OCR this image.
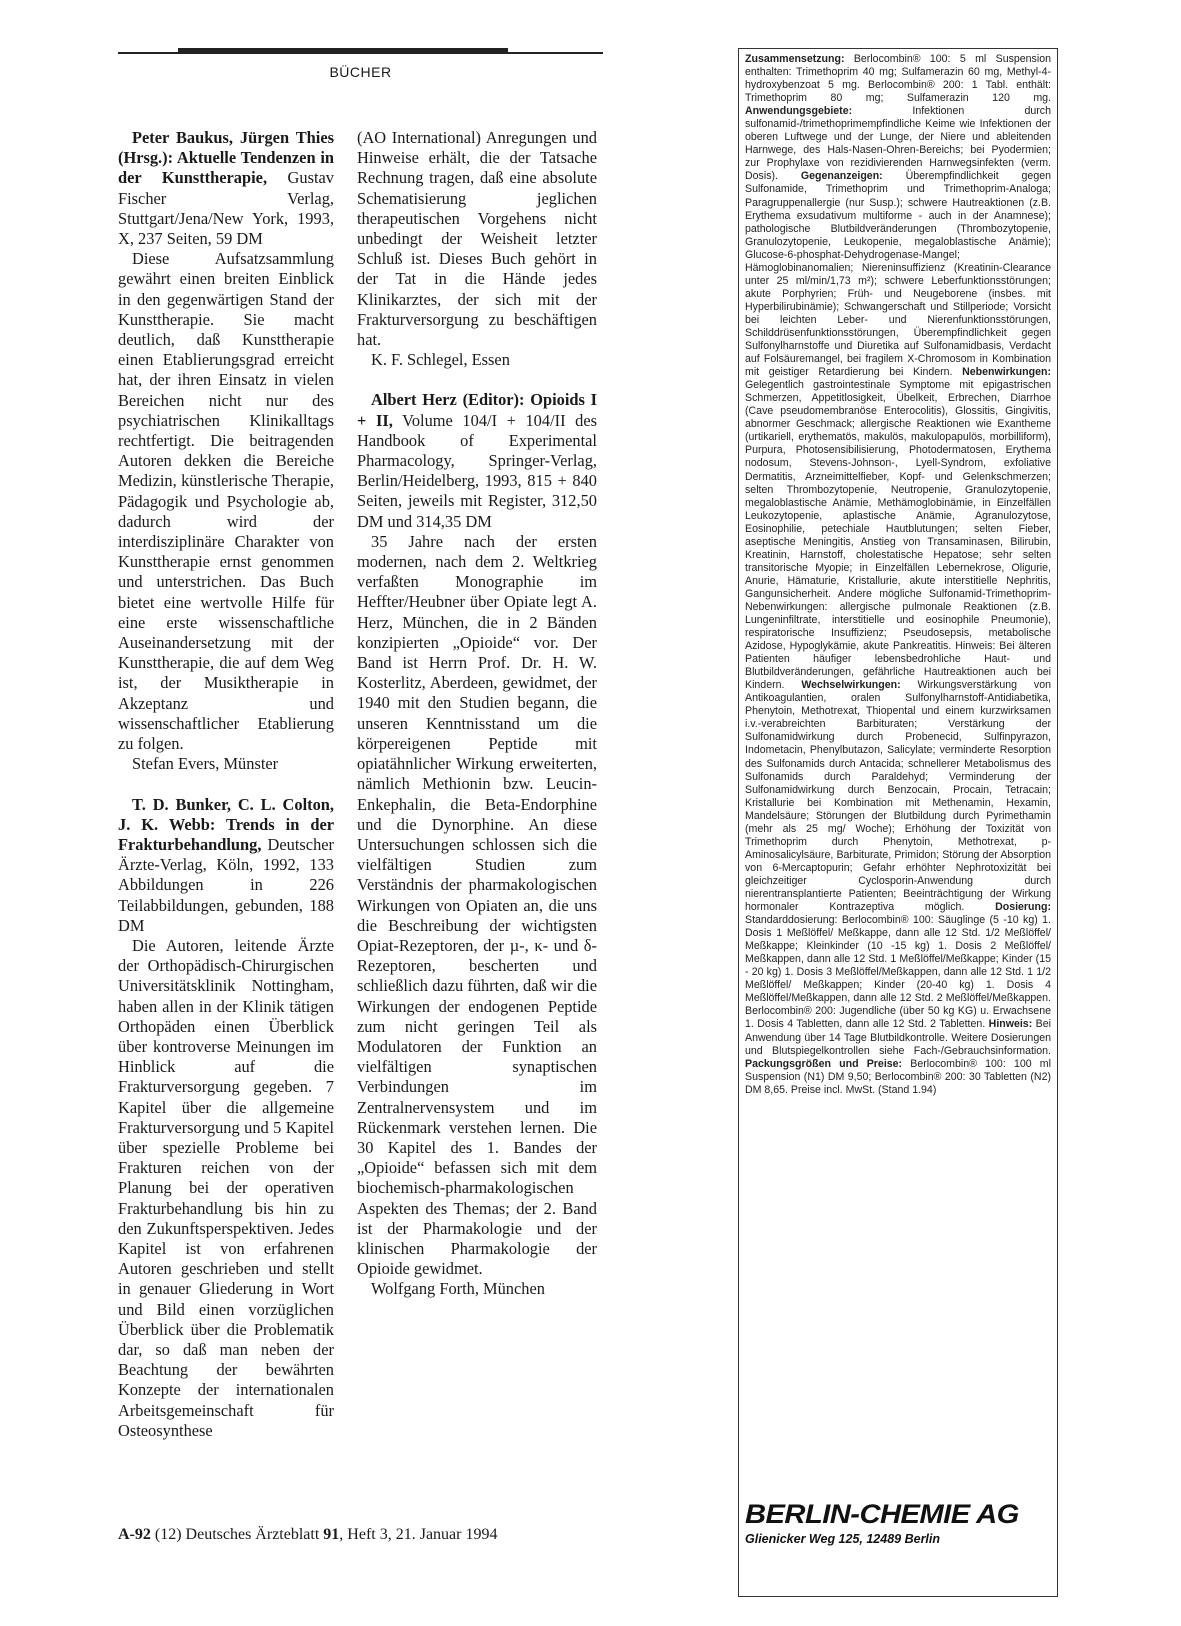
BÜCHER

Peter Baukus, Jürgen Thies (Hrsg.): Aktuelle Tendenzen in der Kunsttherapie, Gustav Fischer Verlag, Stuttgart/Jena/New York, 1993, X, 237 Seiten, 59 DM

Diese Aufsatzsammlung gewährt einen breiten Einblick in den gegenwärtigen Stand der Kunsttherapie. Sie macht deutlich, daß Kunsttherapie einen Etablierungsgrad erreicht hat, der ihren Einsatz in vielen Bereichen nicht nur des psychiatrischen Klinikalltags rechtfertigt. Die beitragenden Autoren dekken die Bereiche Medizin, künstlerische Therapie, Pädagogik und Psychologie ab, dadurch wird der interdisziplinäre Charakter von Kunsttherapie ernst genommen und unterstrichen. Das Buch bietet eine wertvolle Hilfe für eine erste wissenschaftliche Auseinandersetzung mit der Kunsttherapie, die auf dem Weg ist, der Musiktherapie in Akzeptanz und wissenschaftlicher Etablierung zu folgen.

Stefan Evers, Münster

T. D. Bunker, C. L. Colton, J. K. Webb: Trends in der Frakturbehandlung, Deutscher Ärzte-Verlag, Köln, 1992, 133 Abbildungen in 226 Teilabbildungen, gebunden, 188 DM

Die Autoren, leitende Ärzte der Orthopädisch-Chirurgischen Universitätsklinik Nottingham, haben allen in der Klinik tätigen Orthopäden einen Überblick über kontroverse Meinungen im Hinblick auf die Frakturversorgung gegeben. 7 Kapitel über die allgemeine Frakturversorgung und 5 Kapitel über spezielle Probleme bei Frakturen reichen von der Planung bei der operativen Frakturbehandlung bis hin zu den Zukunftsperspektiven. Jedes Kapitel ist von erfahrenen Autoren geschrieben und stellt in genauer Gliederung in Wort und Bild einen vorzüglichen Überblick über die Problematik dar, so daß man neben der Beachtung der bewährten Konzepte der internationalen Arbeitsgemeinschaft für Osteosynthese

(AO International) Anregungen und Hinweise erhält, die der Tatsache Rechnung tragen, daß eine absolute Schematisierung jeglichen therapeutischen Vorgehens nicht unbedingt der Weisheit letzter Schluß ist. Dieses Buch gehört in der Tat in die Hände jedes Klinikarztes, der sich mit der Frakturversorgung zu beschäftigen hat.

K. F. Schlegel, Essen

Albert Herz (Editor): Opioids I + II, Volume 104/I + 104/II des Handbook of Experimental Pharmacology, Springer-Verlag, Berlin/Heidelberg, 1993, 815 + 840 Seiten, jeweils mit Register, 312,50 DM und 314,35 DM

35 Jahre nach der ersten modernen, nach dem 2. Weltkrieg verfaßten Monographie im Heffter/Heubner über Opiate legt A. Herz, München, die in 2 Bänden konzipierten „Opioide“ vor. Der Band ist Herrn Prof. Dr. H. W. Kosterlitz, Aberdeen, gewidmet, der 1940 mit den Studien begann, die unseren Kenntnisstand um die körpereigenen Peptide mit opiatähnlicher Wirkung erweiterten, nämlich Methionin bzw. Leucin-Enkephalin, die Beta-Endorphine und die Dynorphine. An diese Untersuchungen schlossen sich die vielfältigen Studien zum Verständnis der pharmakologischen Wirkungen von Opiaten an, die uns die Beschreibung der wichtigsten Opiat-Rezeptoren, der µ-, κ- und δ-Rezeptoren, bescherten und schließlich dazu führten, daß wir die Wirkungen der endogenen Peptide zum nicht geringen Teil als Modulatoren der Funktion an vielfältigen synaptischen Verbindungen im Zentralnervensystem und im Rückenmark verstehen lernen. Die 30 Kapitel des 1. Bandes der „Opioide“ befassen sich mit dem biochemisch-pharmakologischen Aspekten des Themas; der 2. Band ist der Pharmakologie und der klinischen Pharmakologie der Opioide gewidmet.

Wolfgang Forth, München

A-92 (12) Deutsches Ärzteblatt 91, Heft 3, 21. Januar 1994
Zusammensetzung: Berlocombin® 100: 5 ml Suspension enthalten: Trimethoprim 40 mg; Sulfamerazin 60 mg, Methyl-4-hydroxybenzoat 5 mg. Berlocombin® 200: 1 Tabl. enthält: Trimethoprim 80 mg; Sulfamerazin 120 mg. Anwendungsgebiete: Infektionen durch sulfonamid-/trimethoprimempfindliche Keime wie Infektionen der oberen Luftwege und der Lunge, der Niere und ableitenden Harnwege, des Hals-Nasen-Ohren-Bereichs; bei Pyodermien; zur Prophylaxe von rezidivierenden Harnwegsinfekten (verm. Dosis). Gegenanzeigen: Überempfindlichkeit gegen Sulfonamide, Trimethoprim und Trimethoprim-Analoga; Paragruppenallergie (nur Susp.); schwere Hautreaktionen (z.B. Erythema exsudativum multiforme - auch in der Anamnese); pathologische Blutbildveränderungen (Thrombozytopenie, Granulozytopenie, Leukopenie, megaloblastische Anämie); Glucose-6-phosphat-Dehydrogenase-Mangel; Hämoglobinanomalien; Niereninsuffizienz (Kreatinin-Clearance unter 25 ml/min/1,73 m²); schwere Leberfunktionsstörungen; akute Porphyrien; Früh- und Neugeborene (insbes. mit Hyperbilirubinämie); Schwangerschaft und Stillperiode; Vorsicht bei leichten Leber- und Nierenfunktionsstörungen, Schilddrüsenfunktionsstörungen, Überempfindlichkeit gegen Sulfonylharnstoffe und Diuretika auf Sulfonamidbasis, Verdacht auf Folsäuremangel, bei fragilem X-Chromosom in Kombination mit geistiger Retardierung bei Kindern. Nebenwirkungen: Gelegentlich gastrointestinale Symptome mit epigastrischen Schmerzen, Appetitlosigkeit, Übelkeit, Erbrechen, Diarrhoe (Cave pseudomembranöse Enterocolitis), Glossitis, Gingivitis, abnormer Geschmack; allergische Reaktionen wie Exantheme (urtikariell, erythematös, makulös, makulopapulös, morbilliform), Purpura, Photosensibilisierung, Photodermatosen, Erythema nodosum, Stevens-Johnson-, Lyell-Syndrom, exfoliative Dermatitis, Arzneimittelfieber, Kopf- und Gelenkschmerzen; selten Thrombozytopenie, Neutropenie, Granulozytopenie, megaloblastische Anämie, Methämoglobinämie, in Einzelfällen Leukozytopenie, aplastische Anämie, Agranulozytose, Eosinophilie, petechiale Hautblutungen; selten Fieber, aseptische Meningitis, Anstieg von Transaminasen, Bilirubin, Kreatinin, Harnstoff, cholestatische Hepatose; sehr selten transitorische Myopie; in Einzelfällen Lebernekrose, Oligurie, Anurie, Hämaturie, Kristallurie, akute interstitielle Nephritis, Gangunsicherheit. Andere mögliche Sulfonamid-Trimethoprim-Nebenwirkungen: allergische pulmonale Reaktionen (z.B. Lungeninfiltrate, interstitielle und eosinophile Pneumonie), respiratorische Insuffizienz; Pseudosepsis, metabolische Azidose, Hypoglykämie, akute Pankreatitis. Hinweis: Bei älteren Patienten häufiger lebensbedrohliche Haut- und Blutbildveränderungen, gefährliche Hautreaktionen auch bei Kindern. Wechselwirkungen: Wirkungsverstärkung von Antikoagulantien, oralen Sulfonylharnstoff-Antidiabetika, Phenytoin, Methotrexat, Thiopental und einem kurzwirksamen i.v.-verabreichten Barbituraten; Verstärkung der Sulfonamidwirkung durch Probenecid, Sulfinpyrazon, Indometacin, Phenylbutazon, Salicylate; verminderte Resorption des Sulfonamids durch Antacida; schnellerer Metabolismus des Sulfonamids durch Paraldehyd; Verminderung der Sulfonamidwirkung durch Benzocain, Procain, Tetracain; Kristallurie bei Kombination mit Methenamin, Hexamin, Mandelsäure; Störungen der Blutbildung durch Pyrimethamin (mehr als 25 mg/ Woche); Erhöhung der Toxizität von Trimethoprim durch Phenytoin, Methotrexat, p-Aminosalicylsäure, Barbiturate, Primidon; Störung der Absorption von 6-Mercaptopurin; Gefahr erhöhter Nephrotoxizität bei gleichzeitiger Cyclosporin-Anwendung durch nierentransplantierte Patienten; Beeinträchtigung der Wirkung hormonaler Kontrazeptiva möglich. Dosierung: Standarddosierung: Berlocombin® 100: Säuglinge (5 -10 kg) 1. Dosis 1 Meßlöffel/ Meßkappe, dann alle 12 Std. 1/2 Meßlöffel/ Meßkappe; Kleinkinder (10 -15 kg) 1. Dosis 2 Meßlöffel/ Meßkappen, dann alle 12 Std. 1 Meßlöffel/Meßkappe; Kinder (15 - 20 kg) 1. Dosis 3 Meßlöffel/Meßkappen, dann alle 12 Std. 1 1/2 Meßlöffel/ Meßkappen; Kinder (20-40 kg) 1. Dosis 4 Meßlöffel/Meßkappen, dann alle 12 Std. 2 Meßlöffel/Meßkappen. Berlocombin® 200: Jugendliche (über 50 kg KG) u. Erwachsene 1. Dosis 4 Tabletten, dann alle 12 Std. 2 Tabletten. Hinweis: Bei Anwendung über 14 Tage Blutbildkontrolle. Weitere Dosierungen und Blutspiegelkontrollen siehe Fach-/Gebrauchsinformation. Packungsgrößen und Preise: Berlocombin® 100: 100 ml Suspension (N1) DM 9,50; Berlocombin® 200: 30 Tabletten (N2) DM 8,65. Preise incl. MwSt. (Stand 1.94)
BERLIN-CHEMIE AG
Glienicker Weg 125, 12489 Berlin
